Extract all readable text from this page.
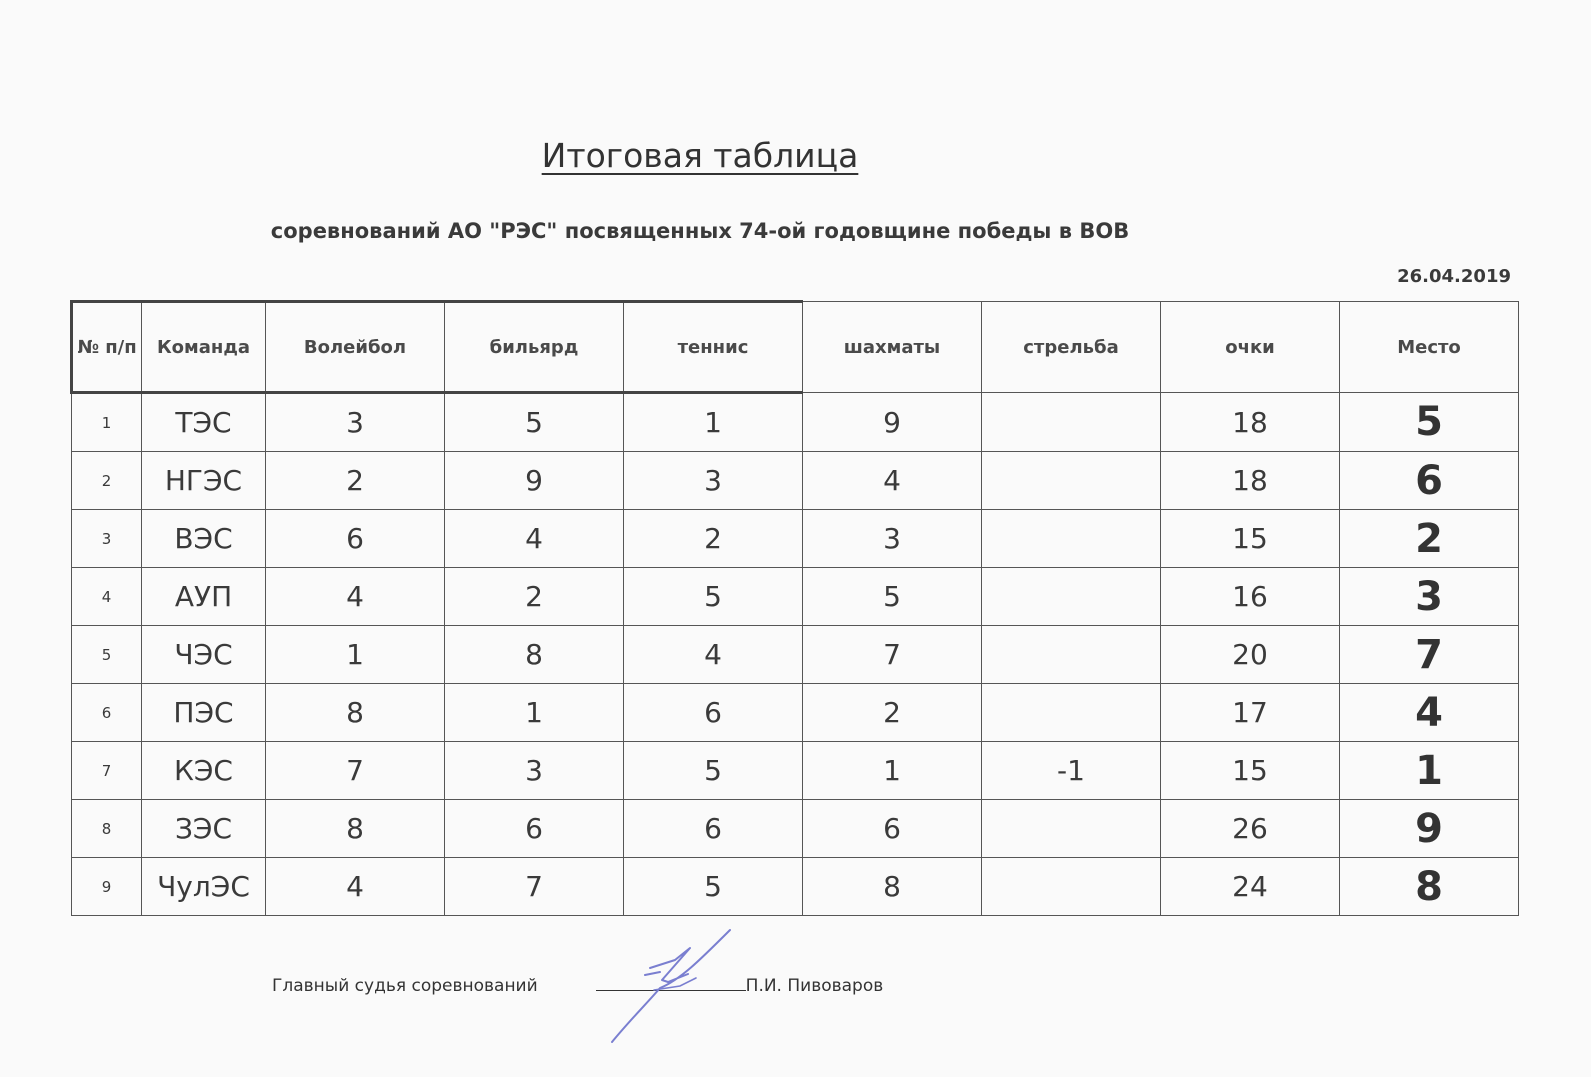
Итоговая таблица
соревнований АО "РЭС" посвященных 74-ой годовщине победы в ВОВ
26.04.2019
№ п/п	Команда	Волейбол	бильярд	теннис	шахматы	стрельба	очки	Место
1	ТЭС	3	5	1	9		18	5
2	НГЭС	2	9	3	4		18	6
3	ВЭС	6	4	2	3		15	2
4	АУП	4	2	5	5		16	3
5	ЧЭС	1	8	4	7		20	7
6	ПЭС	8	1	6	2		17	4
7	КЭС	7	3	5	1	-1	15	1
8	ЗЭС	8	6	6	6		26	9
9	ЧулЭС	4	7	5	8		24	8
Главный судья соревнований	П.И. Пивоваров
